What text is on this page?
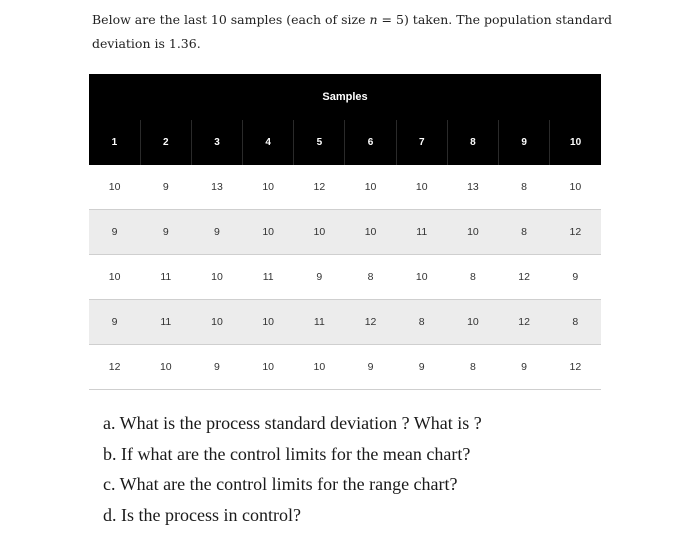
Below are the last 10 samples (each of size n = 5) taken. The population standard
deviation is 1.36.
Samples									
1	2	3	4	5	6	7	8	9	10
10	9	13	10	12	10	10	13	8	10
9	9	9	10	10	10	11	10	8	12
10	11	10	11	9	8	10	8	12	9
9	11	10	10	11	12	8	10	12	8
12	10	9	10	10	9	9	8	9	12
a. What is the process standard deviation ? What is ?
b. If what are the control limits for the mean chart?
c. What are the control limits for the range chart?
d. Is the process in control?
